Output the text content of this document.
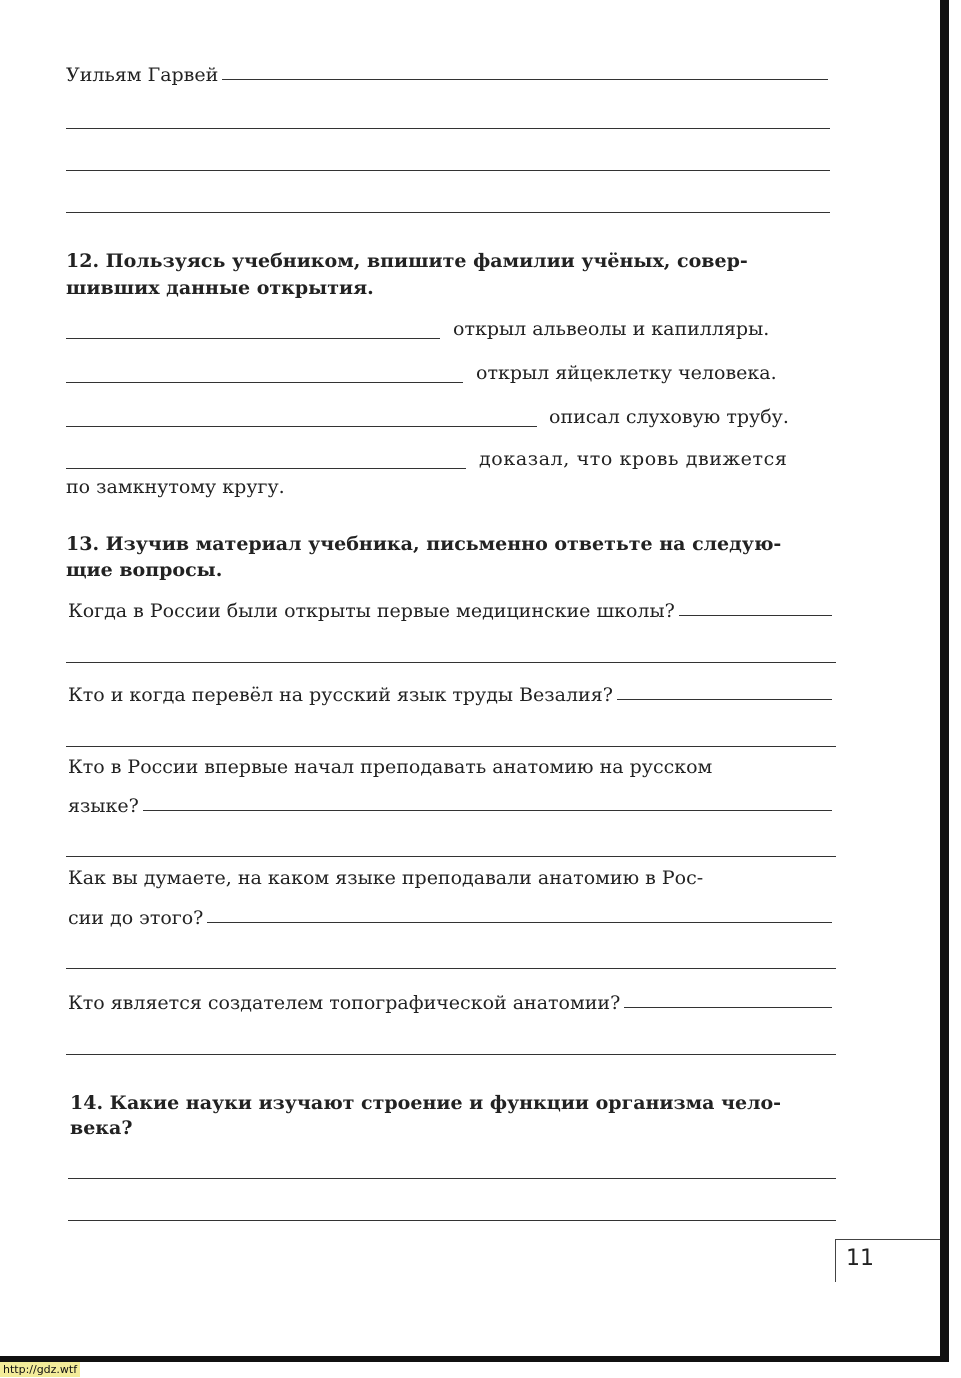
Уильям Гарвей
12. Пользуясь учебником, впишите фамилии учёных, совер-
шивших данные открытия.
открыл альвеолы и капилляры.
открыл яйцеклетку человека.
описал слуховую трубу.
доказал, что кровь движется
по замкнутому кругу.
13. Изучив материал учебника, письменно ответьте на следую-
щие вопросы.
Когда в России были открыты первые медицинские школы?
Кто и когда перевёл на русский язык труды Везалия?
Кто в России впервые начал преподавать анатомию на русском
языке?
Как вы думаете, на каком языке преподавали анатомию в Рос-
сии до этого?
Кто является создателем топографической анатомии?
14. Какие науки изучают строение и функции организма чело-
века?
11
http://gdz.wtf
